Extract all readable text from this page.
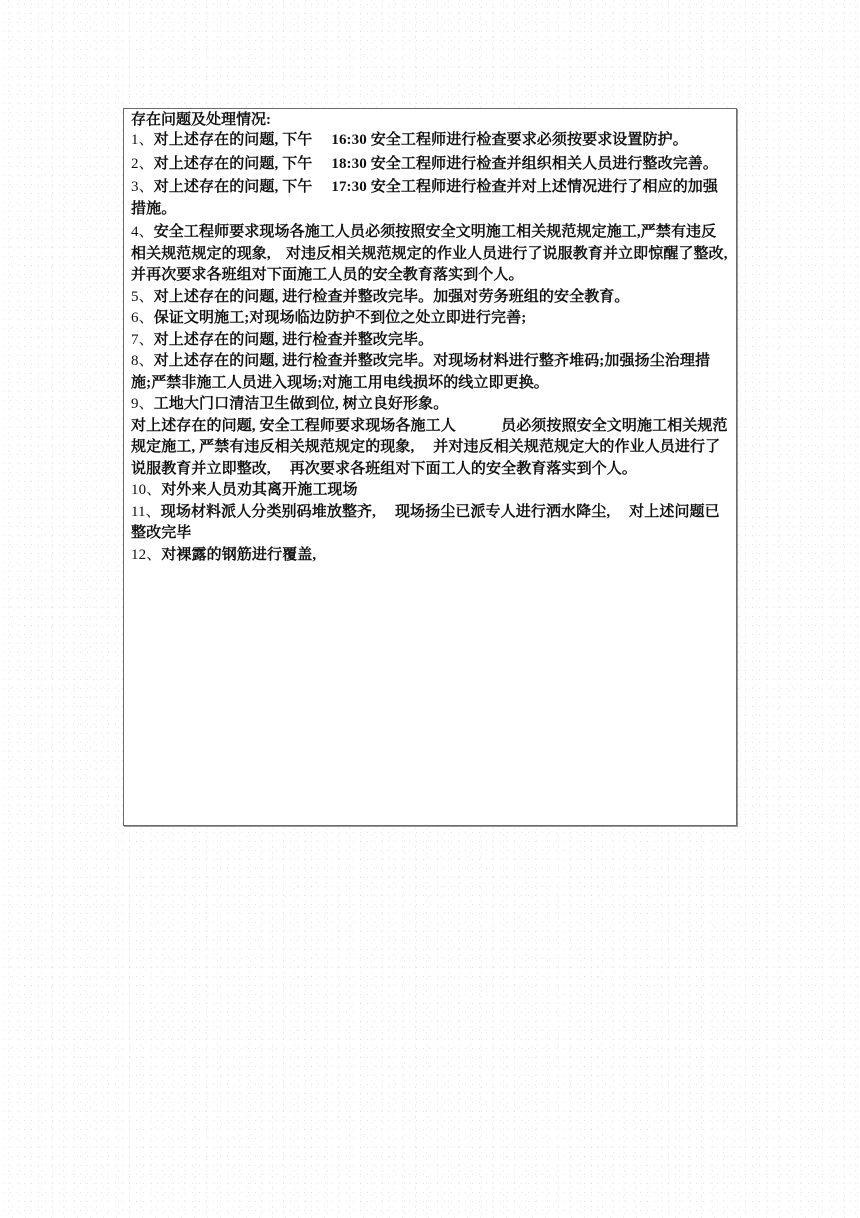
存在问题及处理情况:

1、对上述存在的问题, 下午　 16:30 安全工程师进行检查要求必须按要求设置防护。

2、对上述存在的问题, 下午　 18:30 安全工程师进行检查并组织相关人员进行整改完善。

3、对上述存在的问题, 下午　 17:30 安全工程师进行检查并对上述情况进行了相应的加强措施。

4、安全工程师要求现场各施工人员必须按照安全文明施工相关规范规定施工,严禁有违反相关规范规定的现象,　对违反相关规范规定的作业人员进行了说服教育并立即惊醒了整改, 并再次要求各班组对下面施工人员的安全教育落实到个人。

5、对上述存在的问题, 进行检查并整改完毕。加强对劳务班组的安全教育。

6、保证文明施工;对现场临边防护不到位之处立即进行完善;

7、对上述存在的问题, 进行检查并整改完毕。

8、对上述存在的问题, 进行检查并整改完毕。对现场材料进行整齐堆码;加强扬尘治理措施;严禁非施工人员进入现场;对施工用电线损坏的线立即更换。

9、工地大门口清洁卫生做到位, 树立良好形象。

对上述存在的问题, 安全工程师要求现场各施工人　　　员必须按照安全文明施工相关规范规定施工, 严禁有违反相关规范规定的现象,　 并对违反相关规范规定大的作业人员进行了说服教育并立即整改,　 再次要求各班组对下面工人的安全教育落实到个人。

10、对外来人员劝其离开施工现场

11、现场材料派人分类别码堆放整齐,　 现场扬尘已派专人进行洒水降尘,　 对上述问题已整改完毕

12、对裸露的钢筋进行覆盖,
